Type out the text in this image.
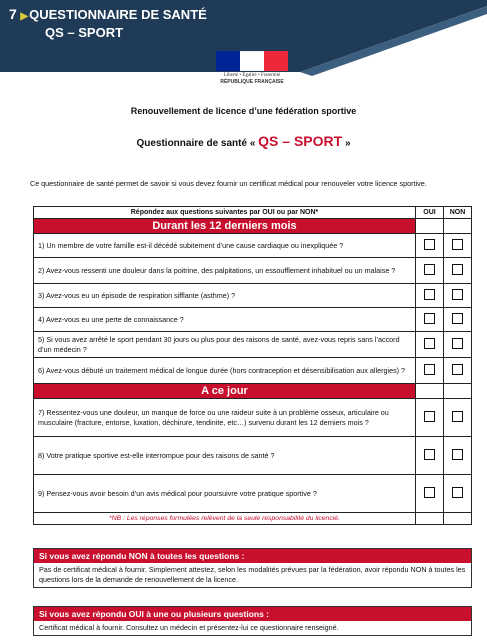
7 ▶QUESTIONNAIRE DE SANTÉ
QS – SPORT
Liberté • Égalité • Fraternité
RÉPUBLIQUE FRANÇAISE
Renouvellement de licence d’une fédération sportive
Questionnaire de santé « QS – SPORT »
Ce questionnaire de santé permet de savoir si vous devez fournir un certificat médical pour renouveler votre licence sportive.
Répondez aux questions suivantes par OUI ou par NON*	OUI	NON
Durant les 12 derniers mois		
1) Un membre de votre famille est-il décédé subitement d’une cause cardiaque ou inexpliquée ?		
2) Avez-vous ressenti une douleur dans la poitrine, des palpitations, un essoufflement inhabituel ou un malaise ?		
3) Avez-vous eu un épisode de respiration sifflante (asthme) ?		
4) Avez-vous eu une perte de connaissance ?		
5) Si vous avez arrêté le sport pendant 30 jours ou plus pour des raisons de santé, avez-vous repris sans l’accord d’un médecin ?		
6) Avez-vous débuté un traitement médical de longue durée (hors contraception et désensibilisation aux allergies) ?		
A ce jour		
7) Ressentez-vous une douleur, un manque de force ou une raideur suite à un problème osseux, articulaire ou musculaire (fracture, entorse, luxation, déchirure, tendinite, etc…) survenu durant les 12 derniers mois ?		
8) Votre pratique sportive est-elle interrompue pour des raisons de santé ?		
9) Pensez-vous avoir besoin d’un avis médical pour poursuivre votre pratique sportive ?		
*NB : Les réponses formulées relèvent de la seule responsabilité du licencié.		
Si vous avez répondu NON à toutes les questions :
Pas de certificat médical à fournir. Simplement attestez, selon les modalités prévues par la fédération, avoir répondu NON à toutes les questions lors de la demande de renouvellement de la licence.
Si vous avez répondu OUI à une ou plusieurs questions :
Certificat médical à fournir. Consultez un médecin et présentez-lui ce questionnaire renseigné.
